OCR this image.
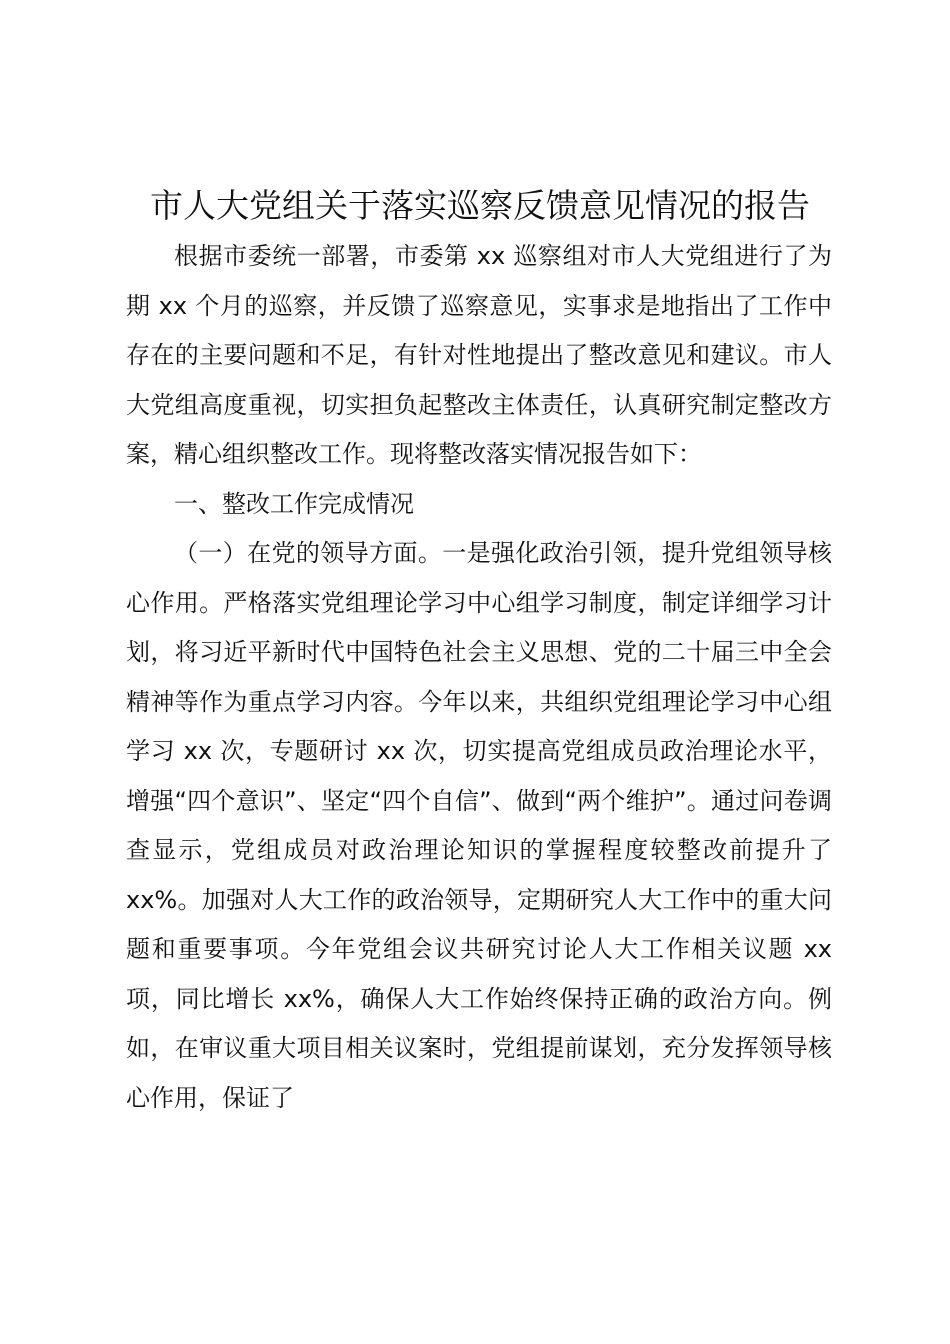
市人大党组关于落实巡察反馈意见情况的报告

根据市委统一部署，市委第 xx 巡察组对市人大党组进行了为期 xx 个月的巡察，并反馈了巡察意见，实事求是地指出了工作中存在的主要问题和不足，有针对性地提出了整改意见和建议。市人大党组高度重视，切实担负起整改主体责任，认真研究制定整改方案，精心组织整改工作。现将整改落实情况报告如下：

一、整改工作完成情况

（一）在党的领导方面。一是强化政治引领，提升党组领导核心作用。严格落实党组理论学习中心组学习制度，制定详细学习计划，将习近平新时代中国特色社会主义思想、党的二十届三中全会精神等作为重点学习内容。今年以来，共组织党组理论学习中心组学习 xx 次，专题研讨 xx 次，切实提高党组成员政治理论水平，增强“四个意识”、坚定“四个自信”、做到“两个维护”。通过问卷调查显示，党组成员对政治理论知识的掌握程度较整改前提升了 xx%。加强对人大工作的政治领导，定期研究人大工作中的重大问题和重要事项。今年党组会议共研究讨论人大工作相关议题 xx 项，同比增长 xx%，确保人大工作始终保持正确的政治方向。例如，在审议重大项目相关议案时，党组提前谋划，充分发挥领导核心作用，保证了
